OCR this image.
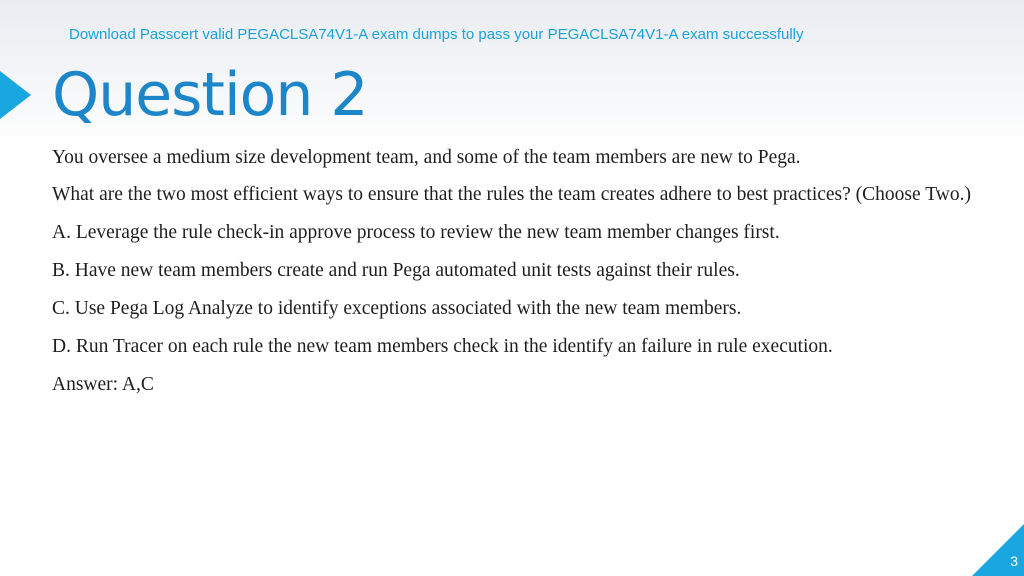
Download Passcert valid PEGACLSA74V1-A exam dumps to pass your PEGACLSA74V1-A exam successfully
Question 2

You oversee a medium size development team, and some of the team members are new to Pega.

What are the two most efficient ways to ensure that the rules the team creates adhere to best practices? (Choose Two.)

A. Leverage the rule check-in approve process to review the new team member changes first.

B. Have new team members create and run Pega automated unit tests against their rules.

C. Use Pega Log Analyze to identify exceptions associated with the new team members.

D. Run Tracer on each rule the new team members check in the identify an failure in rule execution.

Answer: A,C

3
